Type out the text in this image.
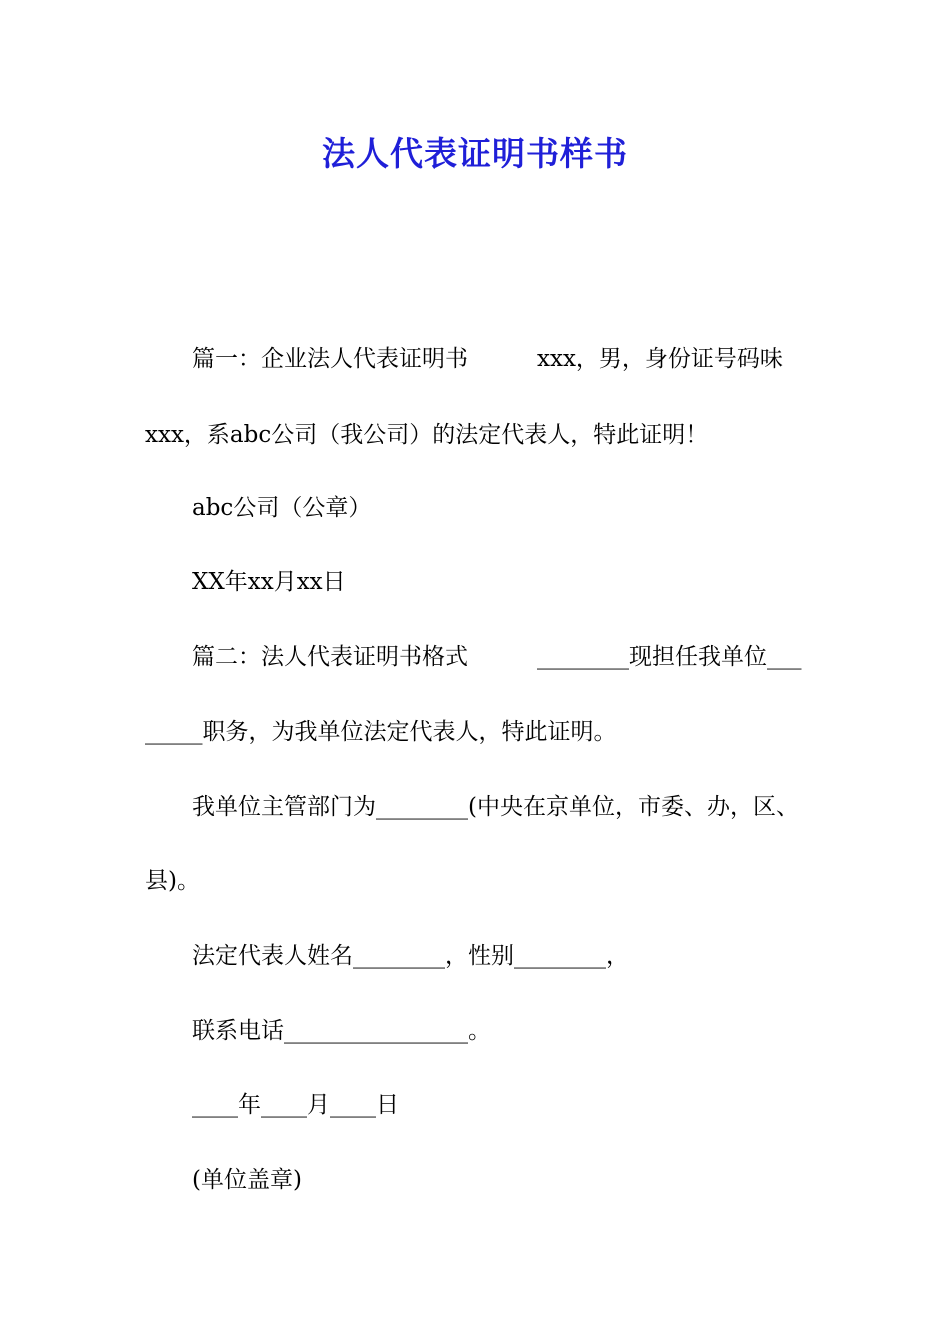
法人代表证明书样书
篇一：企业法人代表证明书　　　xxx，男，身份证号码味
xxx，系abc公司（我公司）的法定代表人，特此证明！
abc公司（公章）
XX年xx月xx日
篇二：法人代表证明书格式　　　________现担任我单位___
_____职务，为我单位法定代表人，特此证明。
我单位主管部门为________(中央在京单位，市委、办，区、
县)。
法定代表人姓名________，性别________，
联系电话________________。
____年____月____日
(单位盖章)
